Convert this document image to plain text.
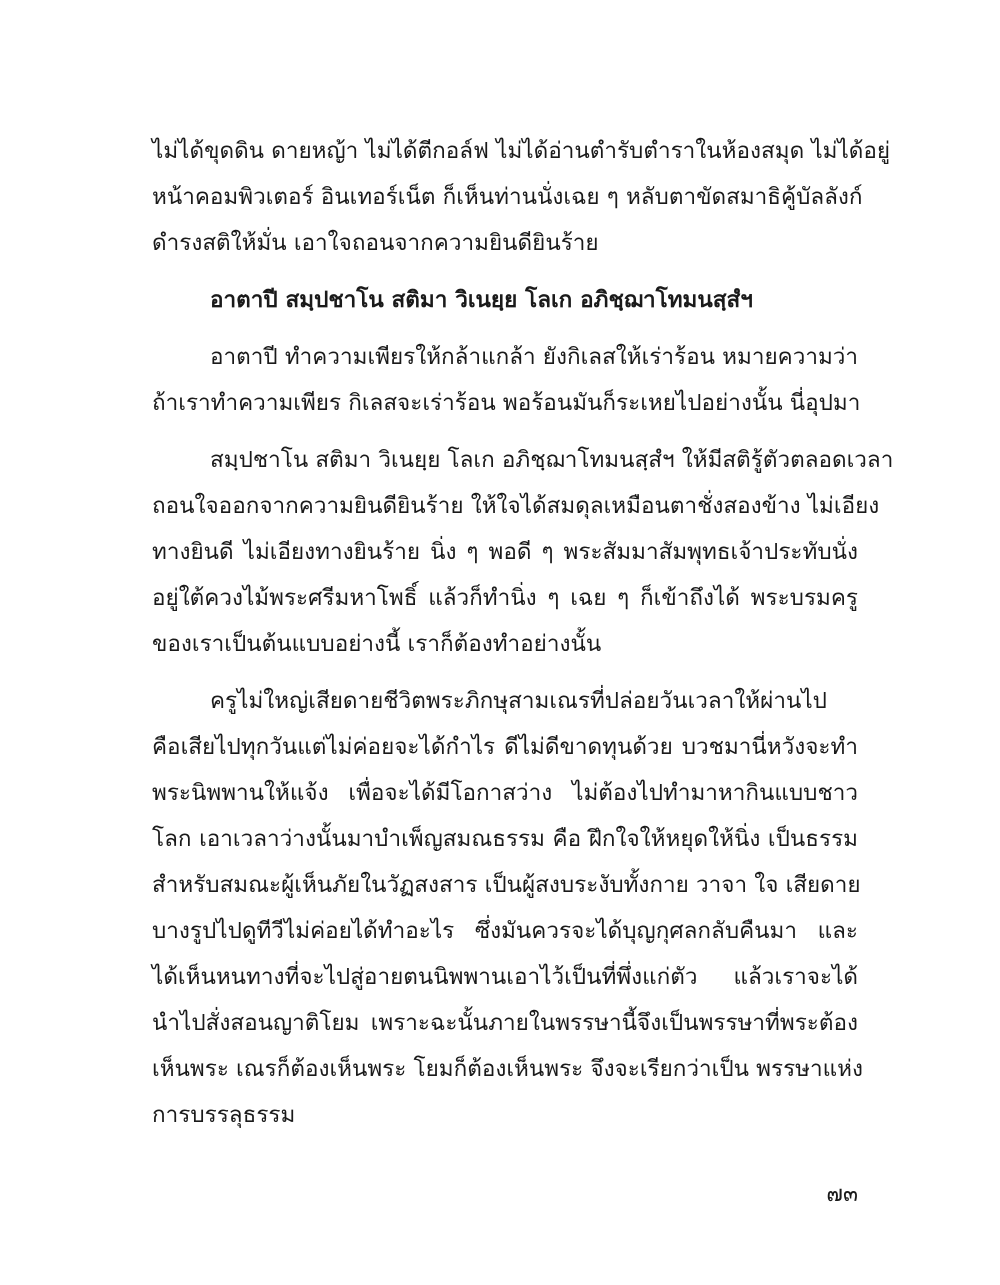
ไม่ได้ขุดดิน ดายหญ้า ไม่ได้ตีกอล์ฟ ไม่ได้อ่านตำรับตำราในห้องสมุด ไม่ได้อยู่
หน้าคอมพิวเตอร์ อินเทอร์เน็ต ก็เห็นท่านนั่งเฉย ๆ หลับตาขัดสมาธิคู้บัลลังก์
ดำรงสติให้มั่น เอาใจถอนจากความยินดียินร้าย
อาตาปี สมฺปชาโน สติมา วิเนยฺย โลเก อภิชฺฌาโทมนสฺสํฯ
อาตาปี ทำความเพียรให้กล้าแกล้า ยังกิเลสให้เร่าร้อน หมายความว่า
ถ้าเราทำความเพียร กิเลสจะเร่าร้อน พอร้อนมันก็ระเหยไปอย่างนั้น นี่อุปมา
สมฺปชาโน สติมา วิเนยฺย โลเก อภิชฺฌาโทมนสฺสํฯ ให้มีสติรู้ตัวตลอดเวลา
ถอนใจออกจากความยินดียินร้าย ให้ใจได้สมดุลเหมือนตาชั่งสองข้าง ไม่เอียง
ทางยินดี ไม่เอียงทางยินร้าย นิ่ง ๆ พอดี ๆ พระสัมมาสัมพุทธเจ้าประทับนั่ง
อยู่ใต้ควงไม้พระศรีมหาโพธิ์ แล้วก็ทำนิ่ง ๆ เฉย ๆ ก็เข้าถึงได้ พระบรมครู
ของเราเป็นต้นแบบอย่างนี้ เราก็ต้องทำอย่างนั้น
ครูไม่ใหญ่เสียดายชีวิตพระภิกษุสามเณรที่ปล่อยวันเวลาให้ผ่านไป
คือเสียไปทุกวันแต่ไม่ค่อยจะได้กำไร ดีไม่ดีขาดทุนด้วย บวชมานี่หวังจะทำ
พระนิพพานให้แจ้ง เพื่อจะได้มีโอกาสว่าง ไม่ต้องไปทำมาหากินแบบชาว
โลก เอาเวลาว่างนั้นมาบำเพ็ญสมณธรรม คือ ฝึกใจให้หยุดให้นิ่ง เป็นธรรม
สำหรับสมณะผู้เห็นภัยในวัฏสงสาร เป็นผู้สงบระงับทั้งกาย วาจา ใจ เสียดาย
บางรูปไปดูทีวีไม่ค่อยได้ทำอะไร ซึ่งมันควรจะได้บุญกุศลกลับคืนมา และ
ได้เห็นหนทางที่จะไปสู่อายตนนิพพานเอาไว้เป็นที่พึ่งแก่ตัว แล้วเราจะได้
นำไปสั่งสอนญาติโยม เพราะฉะนั้นภายในพรรษานี้จึงเป็นพรรษาที่พระต้อง
เห็นพระ เณรก็ต้องเห็นพระ โยมก็ต้องเห็นพระ จึงจะเรียกว่าเป็น พรรษาแห่ง
การบรรลุธรรม
๗๓
